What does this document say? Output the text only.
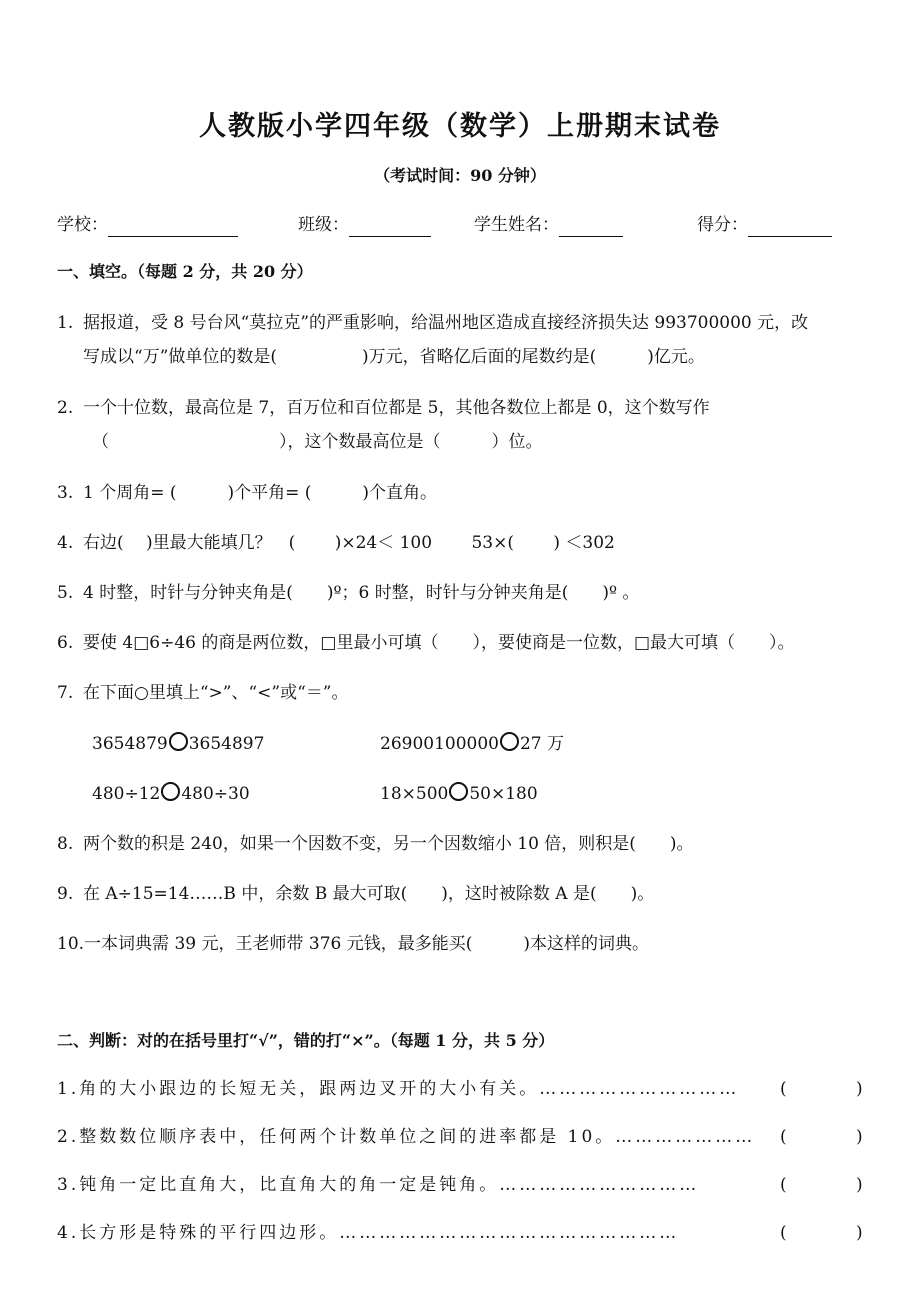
人教版小学四年级（数学）上册期末试卷
（考试时间：90 分钟）
学校：	班级：	学生姓名：	得分：
一、填空。（每题 2 分，共 20 分）
1. 据报道，受 8 号台风“莫拉克”的严重影响，给温州地区造成直接经济损失达 993700000 元，改
写成以“万”做单位的数是(　　　　　)万元，省略亿后面的尾数约是(　　　)亿元。
2. 一个十位数，最高位是 7，百万位和百位都是 5，其他各数位上都是 0，这个数写作
（　　　　　　　　　　），这个数最高位是（　　　）位。
3. 1 个周角= (　　　)个平角= (　　　)个直角。
4. 右边(　 )里最大能填几？　(　　 )×24＜ 100　　 53×(　　 ) ＜302
5. 4 时整，时针与分钟夹角是(　　)º；6 时整，时针与分钟夹角是(　　)º 。
6. 要使 4□6÷46 的商是两位数，□里最小可填（　　），要使商是一位数，□最大可填（　　）。
7. 在下面○里填上“>”、“<”或“＝”。
3654879 3654897	26900100000 27 万
480÷12 480÷30	18×500 50×180
8. 两个数的积是 240，如果一个因数不变，另一个因数缩小 10 倍，则积是(　　)。
9. 在 A÷15=14……B 中，余数 B 最大可取(　　)，这时被除数 A 是(　　)。
10.一本词典需 39 元，王老师带 376 元钱，最多能买(　　　)本这样的词典。
二、判断：对的在括号里打“√”，错的打“×”。（每题 1 分，共 5 分）
1.角的大小跟边的长短无关，跟两边叉开的大小有关。………………………… (	)
2.整数数位顺序表中，任何两个计数单位之间的进率都是 10。………………… (	)
3.钝角一定比直角大，比直角大的角一定是钝角。…………………………	(	)
4.长方形是特殊的平行四边形。……………………………………………	(	)
